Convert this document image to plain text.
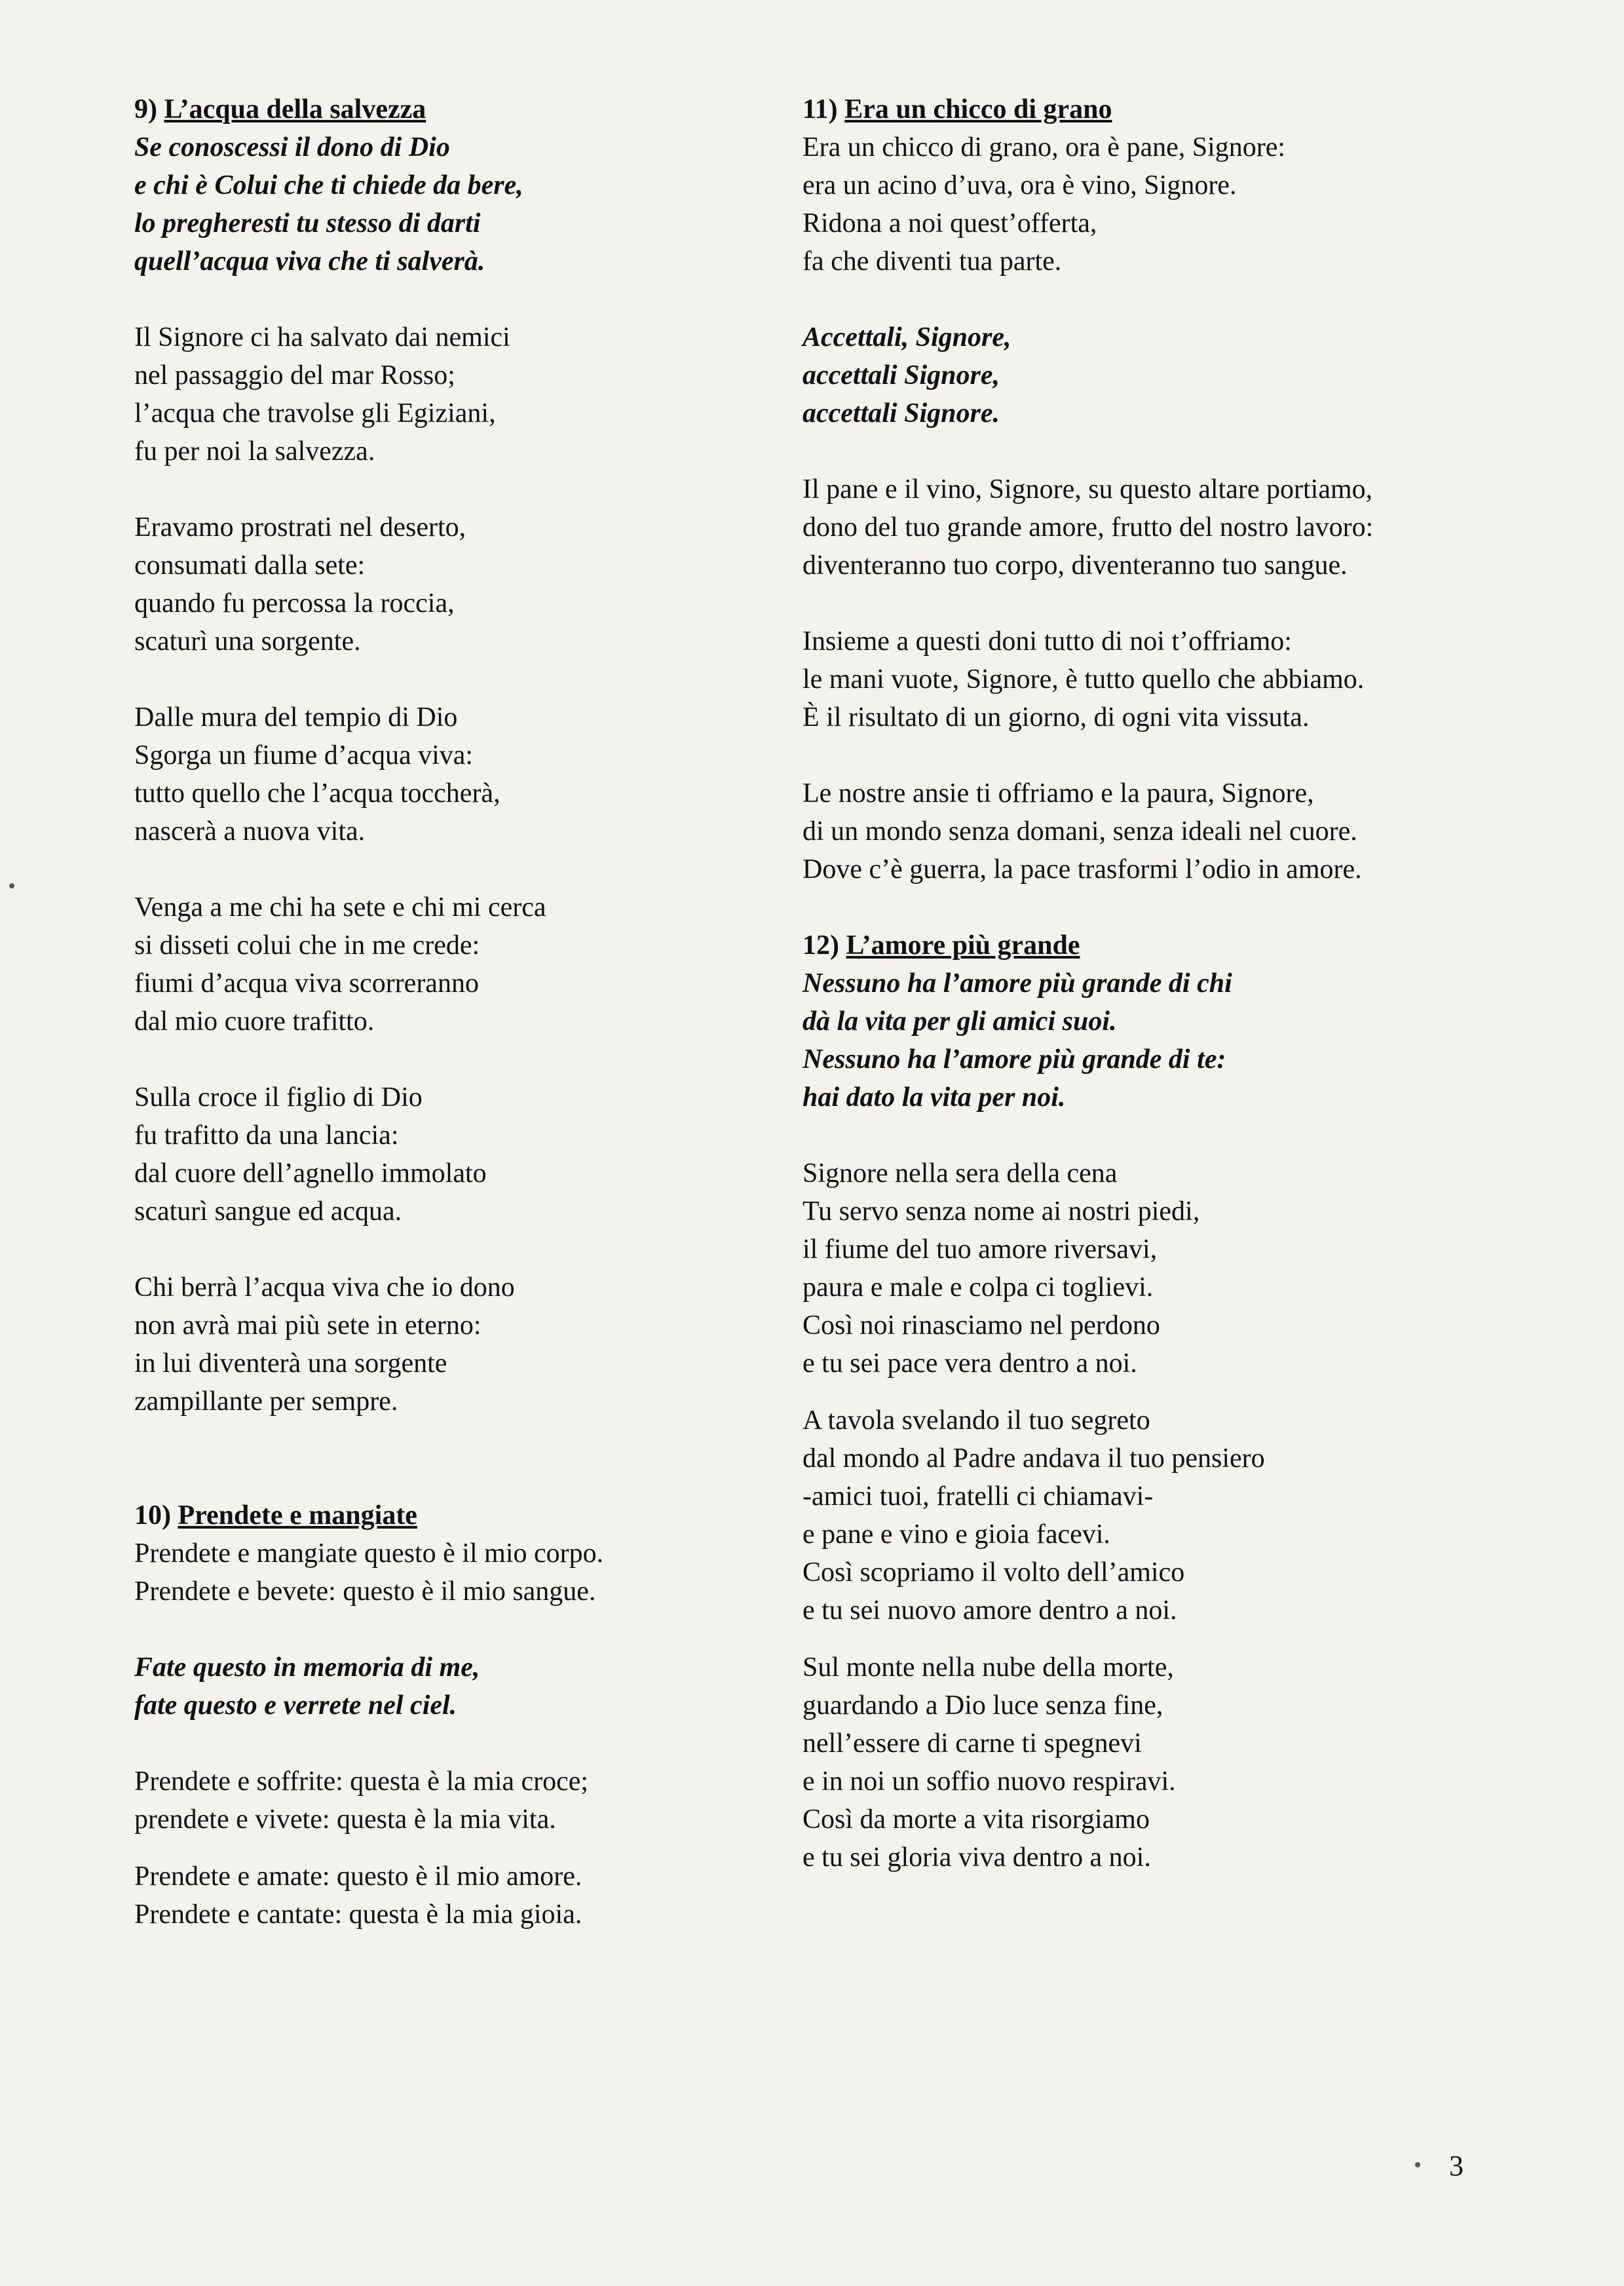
9) L’acqua della salvezza
Se conoscessi il dono di Dio
e chi è Colui che ti chiede da bere,
lo pregheresti tu stesso di darti
quell’acqua viva che ti salverà.
Il Signore ci ha salvato dai nemici
nel passaggio del mar Rosso;
l’acqua che travolse gli Egiziani,
fu per noi la salvezza.
Eravamo prostrati nel deserto,
consumati dalla sete:
quando fu percossa la roccia,
scaturì una sorgente.
Dalle mura del tempio di Dio
Sgorga un fiume d’acqua viva:
tutto quello che l’acqua toccherà,
nascerà a nuova vita.
Venga a me chi ha sete e chi mi cerca
si disseti colui che in me crede:
fiumi d’acqua viva scorreranno
dal mio cuore trafitto.
Sulla croce il figlio di Dio
fu trafitto da una lancia:
dal cuore dell’agnello immolato
scaturì sangue ed acqua.
Chi berrà l’acqua viva che io dono
non avrà mai più sete in eterno:
in lui diventerà una sorgente
zampillante per sempre.
10) Prendete e mangiate
Prendete e mangiate questo è il mio corpo.
Prendete e bevete: questo è il mio sangue.
Fate questo in memoria di me,
fate questo e verrete nel ciel.
Prendete e soffrite: questa è la mia croce;
prendete e vivete: questa è la mia vita.
Prendete e amate: questo è il mio amore.
Prendete e cantate: questa è la mia gioia.
11) Era un chicco di grano
Era un chicco di grano, ora è pane, Signore:
era un acino d’uva, ora è vino, Signore.
Ridona a noi quest’offerta,
fa che diventi tua parte.
Accettali, Signore,
accettali Signore,
accettali Signore.
Il pane e il vino, Signore, su questo altare portiamo,
dono del tuo grande amore, frutto del nostro lavoro:
diventeranno tuo corpo, diventeranno tuo sangue.
Insieme a questi doni tutto di noi t’offriamo:
le mani vuote, Signore, è tutto quello che abbiamo.
È il risultato di un giorno, di ogni vita vissuta.
Le nostre ansie ti offriamo e la paura, Signore,
di un mondo senza domani, senza ideali nel cuore.
Dove c’è guerra, la pace trasformi l’odio in amore.
12) L’amore più grande
Nessuno ha l’amore più grande di chi
dà la vita per gli amici suoi.
Nessuno ha l’amore più grande di te:
hai dato la vita per noi.
Signore nella sera della cena
Tu servo senza nome ai nostri piedi,
il fiume del tuo amore riversavi,
paura e male e colpa ci toglievi.
Così noi rinasciamo nel perdono
e tu sei pace vera dentro a noi.
A tavola svelando il tuo segreto
dal mondo al Padre andava il tuo pensiero
-amici tuoi, fratelli ci chiamavi-
e pane e vino e gioia facevi.
Così scopriamo il volto dell’amico
e tu sei nuovo amore dentro a noi.
Sul monte nella nube della morte,
guardando a Dio luce senza fine,
nell’essere di carne ti spegnevi
e in noi un soffio nuovo respiravi.
Così da morte a vita risorgiamo
e tu sei gloria viva dentro a noi.
3
